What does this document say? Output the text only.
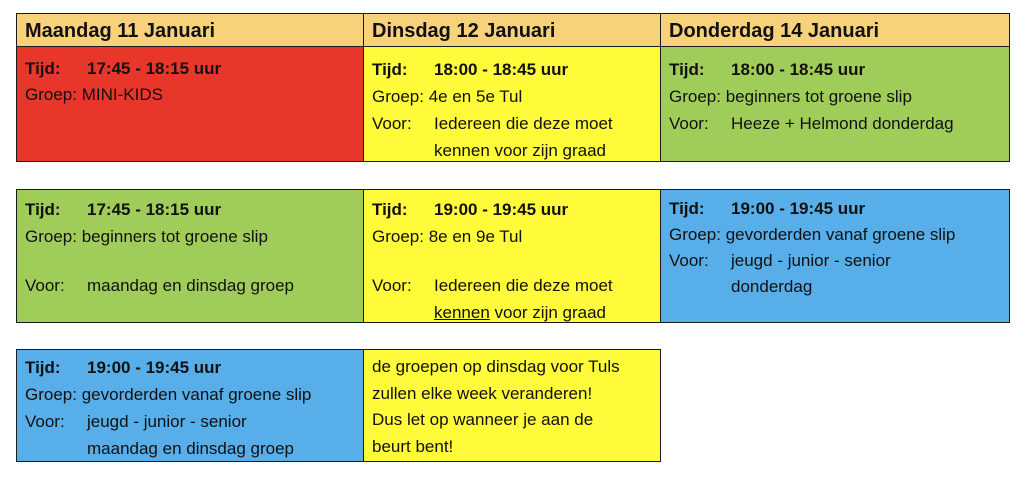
Maandag 11 Januari	Dinsdag 12 Januari	Donderdag 14 Januari
Tijd: 17:45 - 18:15 uur
Groep: MINI-KIDS
Tijd: 18:00 - 18:45 uur
Groep: 4e en 5e Tul
Voor: Iedereen die deze moet
kennen voor zijn graad
Tijd: 18:00 - 18:45 uur
Groep: beginners tot groene slip
Voor: Heeze + Helmond donderdag
Tijd: 17:45 - 18:15 uur
Groep: beginners tot groene slip
Voor: maandag en dinsdag groep
Tijd: 19:00 - 19:45 uur
Groep: 8e en 9e Tul
Voor: Iedereen die deze moet
kennen voor zijn graad
Tijd: 19:00 - 19:45 uur
Groep: gevorderden vanaf groene slip
Voor: jeugd - junior - senior
donderdag
Tijd: 19:00 - 19:45 uur
Groep: gevorderden vanaf groene slip
Voor: jeugd - junior - senior
maandag en dinsdag groep
de groepen op dinsdag voor Tuls
zullen elke week veranderen!
Dus let op wanneer je aan de
beurt bent!
